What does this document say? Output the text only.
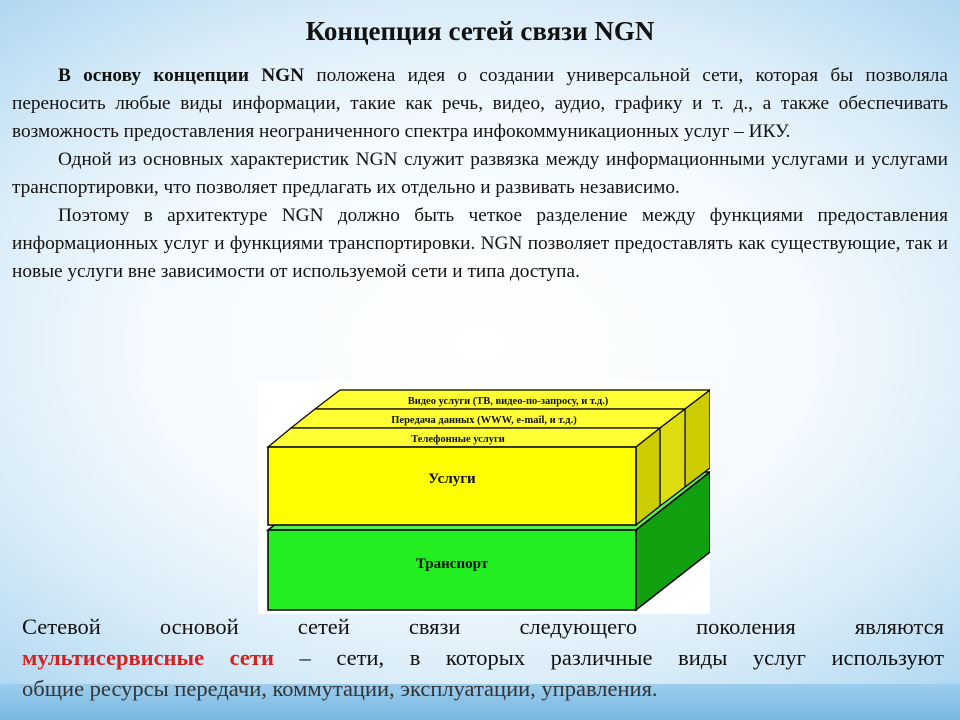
Концепция сетей связи NGN

В основу концепции NGN положена идея о создании универсальной сети, которая бы позволяла переносить любые виды информации, такие как речь, видео, аудио, графику и т. д., а также обеспечивать возможность предоставления неограниченного спектра инфокоммуникационных услуг – ИКУ.

Одной из основных характеристик NGN служит развязка между информационными услугами и услугами транспортировки, что позволяет предлагать их отдельно и развивать независимо.

Поэтому в архитектуре NGN должно быть четкое разделение между функциями предоставления информационных услуг и функциями транспортировки. NGN позволяет предоставлять как существующие, так и новые услуги вне зависимости от используемой сети и типа доступа.

Видео услуги (ТВ, видео-по-запросу, и т.д.)
Передача данных (WWW, e-mail, и т.д.)
Телефонные услуги
Услуги
Транспорт

Сетевой основой сетей связи следующего поколения являются

мультисервисные сети – сети, в которых различные виды услуг используют

общие ресурсы передачи, коммутации, эксплуатации, управления.
